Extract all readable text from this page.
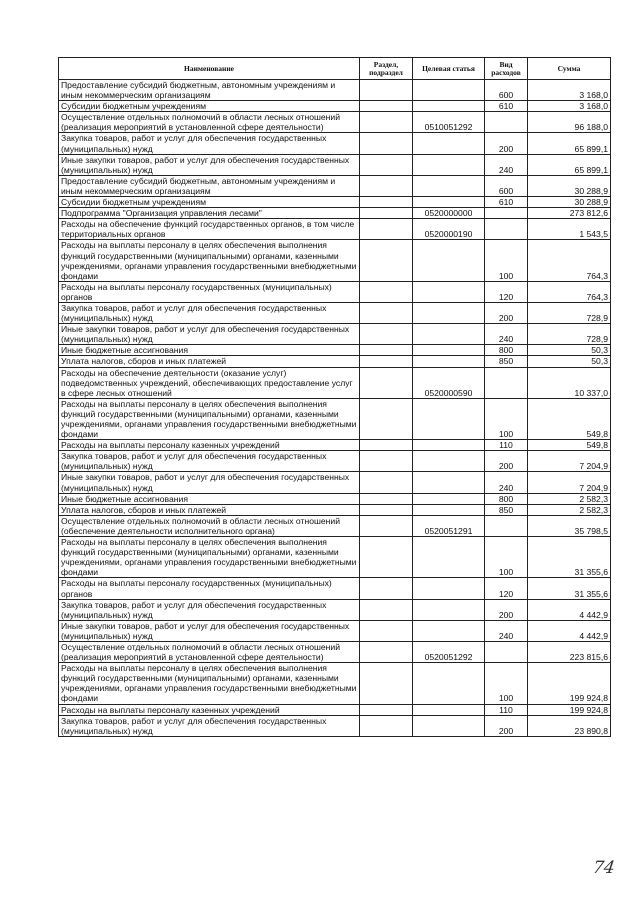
Наименование	Раздел, подраздел	Целевая статья	Вид расходов	Сумма
Предоставление субсидий бюджетным, автономным учреждениям и иным некоммерческим организациям			600	3 168,0
Субсидии бюджетным учреждениям			610	3 168,0
Осуществление отдельных полномочий в области лесных отношений (реализация мероприятий в установленной сфере деятельности)		0510051292		96 188,0
Закупка товаров, работ и услуг для обеспечения государственных (муниципальных) нужд			200	65 899,1
Иные закупки товаров, работ и услуг для обеспечения государственных (муниципальных) нужд			240	65 899,1
Предоставление субсидий бюджетным, автономным учреждениям и иным некоммерческим организациям			600	30 288,9
Субсидии бюджетным учреждениям			610	30 288,9
Подпрограмма "Организация управления лесами"		0520000000		273 812,6
Расходы на обеспечение функций государственных органов, в том числе территориальных органов		0520000190		1 543,5
Расходы на выплаты персоналу в целях обеспечения выполнения функций государственными (муниципальными) органами, казенными учреждениями, органами управления государственными внебюджетными фондами			100	764,3
Расходы на выплаты персоналу государственных (муниципальных) органов			120	764,3
Закупка товаров, работ и услуг для обеспечения государственных (муниципальных) нужд			200	728,9
Иные закупки товаров, работ и услуг для обеспечения государственных (муниципальных) нужд			240	728,9
Иные бюджетные ассигнования			800	50,3
Уплата налогов, сборов и иных платежей			850	50,3
Расходы на обеспечение деятельности (оказание услуг) подведомственных учреждений, обеспечивающих предоставление услуг в сфере лесных отношений		0520000590		10 337,0
Расходы на выплаты персоналу в целях обеспечения выполнения функций государственными (муниципальными) органами, казенными учреждениями, органами управления государственными внебюджетными фондами			100	549,8
Расходы на выплаты персоналу казенных учреждений			110	549,8
Закупка товаров, работ и услуг для обеспечения государственных (муниципальных) нужд			200	7 204,9
Иные закупки товаров, работ и услуг для обеспечения государственных (муниципальных) нужд			240	7 204,9
Иные бюджетные ассигнования			800	2 582,3
Уплата налогов, сборов и иных платежей			850	2 582,3
Осуществление отдельных полномочий в области лесных отношений (обеспечение деятельности исполнительного органа)		0520051291		35 798,5
Расходы на выплаты персоналу в целях обеспечения выполнения функций государственными (муниципальными) органами, казенными учреждениями, органами управления государственными внебюджетными фондами			100	31 355,6
Расходы на выплаты персоналу государственных (муниципальных) органов			120	31 355,6
Закупка товаров, работ и услуг для обеспечения государственных (муниципальных) нужд			200	4 442,9
Иные закупки товаров, работ и услуг для обеспечения государственных (муниципальных) нужд			240	4 442,9
Осуществление отдельных полномочий в области лесных отношений (реализация мероприятий в установленной сфере деятельности)		0520051292		223 815,6
Расходы на выплаты персоналу в целях обеспечения выполнения функций государственными (муниципальными) органами, казенными учреждениями, органами управления государственными внебюджетными фондами			100	199 924,8
Расходы на выплаты персоналу казенных учреждений			110	199 924,8
Закупка товаров, работ и услуг для обеспечения государственных (муниципальных) нужд			200	23 890,8
74
